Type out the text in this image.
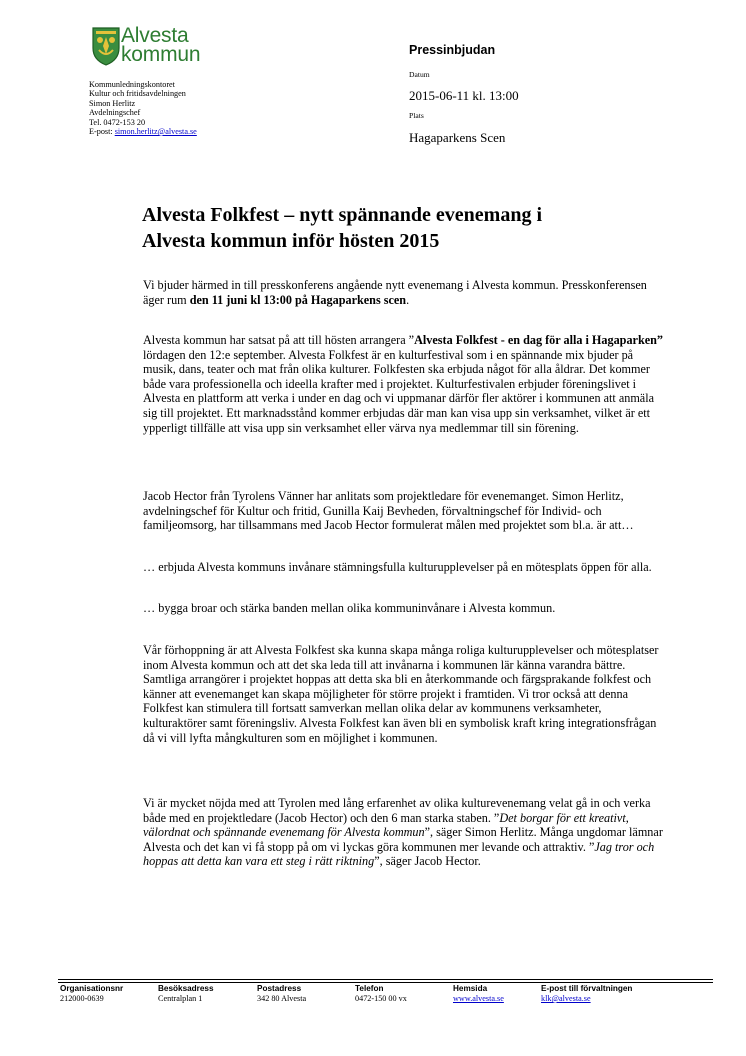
Alvesta
kommun
Kommunledningskontoret
Kultur och fritidsavdelningen
Simon Herlitz
Avdelningschef
Tel. 0472-153 20
E-post: simon.herlitz@alvesta.se
Pressinbjudan
Datum
2015-06-11 kl. 13:00
Plats
Hagaparkens Scen
Alvesta Folkfest – nytt spännande evenemang i
Alvesta kommun inför hösten 2015

Vi bjuder härmed in till presskonferens angående nytt evenemang i Alvesta kommun. Presskonferensen äger rum den 11 juni kl 13:00 på Hagaparkens scen.

Alvesta kommun har satsat på att till hösten arrangera ”Alvesta Folkfest - en dag för alla i Hagaparken” lördagen den 12:e september. Alvesta Folkfest är en kulturfestival som i en spännande mix bjuder på musik, dans, teater och mat från olika kulturer. Folkfesten ska erbjuda något för alla åldrar. Det kommer både vara professionella och ideella krafter med i projektet. Kulturfestivalen erbjuder föreningslivet i Alvesta en plattform att verka i under en dag och vi uppmanar därför fler aktörer i kommunen att anmäla sig till projektet. Ett marknadsstånd kommer erbjudas där man kan visa upp sin verksamhet, vilket är ett ypperligt tillfälle att visa upp sin verksamhet eller värva nya medlemmar till sin förening.

Jacob Hector från Tyrolens Vänner har anlitats som projektledare för evenemanget. Simon Herlitz, avdelningschef för Kultur och fritid, Gunilla Kaij Bevheden, förvaltningschef för Individ- och familjeomsorg, har tillsammans med Jacob Hector formulerat målen med projektet som bl.a. är att…

… erbjuda Alvesta kommuns invånare stämningsfulla kulturupplevelser på en mötesplats öppen för alla.

… bygga broar och stärka banden mellan olika kommuninvånare i Alvesta kommun.

Vår förhoppning är att Alvesta Folkfest ska kunna skapa många roliga kulturupplevelser och mötesplatser inom Alvesta kommun och att det ska leda till att invånarna i kommunen lär känna varandra bättre. Samtliga arrangörer i projektet hoppas att detta ska bli en återkommande och färgsprakande folkfest och känner att evenemanget kan skapa möjligheter för större projekt i framtiden. Vi tror också att denna Folkfest kan stimulera till fortsatt samverkan mellan olika delar av kommunens verksamheter, kulturaktörer samt föreningsliv. Alvesta Folkfest kan även bli en symbolisk kraft kring integrationsfrågan då vi vill lyfta mångkulturen som en möjlighet i kommunen.

Vi är mycket nöjda med att Tyrolen med lång erfarenhet av olika kulturevenemang velat gå in och verka både med en projektledare (Jacob Hector) och den 6 man starka staben. ”Det borgar för ett kreativt, välordnat och spännande evenemang för Alvesta kommun”, säger Simon Herlitz. Många ungdomar lämnar Alvesta och det kan vi få stopp på om vi lyckas göra kommunen mer levande och attraktiv. ”Jag tror och hoppas att detta kan vara ett steg i rätt riktning”, säger Jacob Hector.

Organisationsnr
212000-0639
Besöksadress
Centralplan 1
Postadress
342 80 Alvesta
Telefon
0472-150 00 vx
Hemsida
www.alvesta.se
E-post till förvaltningen
klk@alvesta.se
